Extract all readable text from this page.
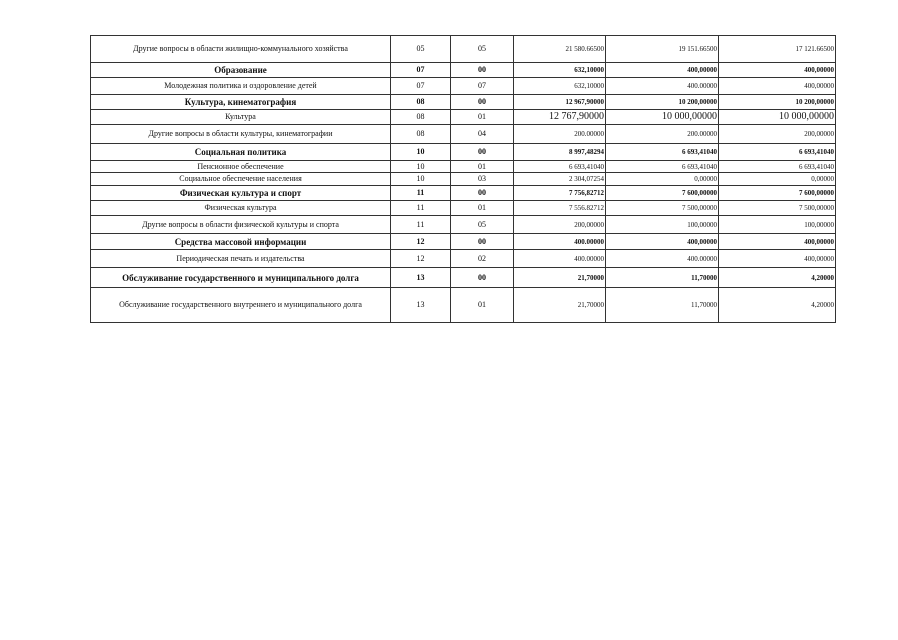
Другие вопросы в области жилищно-коммунального хозяйства	05	05	21 580.66500	19 151.66500	17 121.66500
Образование	07	00	632,10000	400,00000	400,00000
Молодежная политика и оздоровление детей	07	07	632,10000	400.00000	400,00000
Культура, кинематография	08	00	12 967,90000	10 200,00000	10 200,00000
Культура	08	01	12 767,90000	10 000,00000	10 000,00000
Другие вопросы в области культуры, кинематографии	08	04	200.00000	200.00000	200,00000
Социальная политика	10	00	8 997,48294	6 693,41040	6 693,41040
Пенсионное обеспечение	10	01	6 693,41040	6 693,41040	6 693,41040
Социальное обеспечение населения	10	03	2 304,07254	0,00000	0,00000
Физическая культура и спорт	11	00	7 756,82712	7 600,00000	7 600,00000
Физическая культура	11	01	7 556.82712	7 500,00000	7 500,00000
Другие вопросы в области физической культуры и спорта	11	05	200,00000	100,00000	100,00000
Средства массовой информации	12	00	400.00000	400,00000	400,00000
Периодическая печать и издательства	12	02	400.00000	400.00000	400,00000
Обслуживание государственного и муниципального долга	13	00	21,70000	11,70000	4,20000
Обслуживание государственного внутреннего и муниципального долга	13	01	21,70000	11,70000	4,20000
